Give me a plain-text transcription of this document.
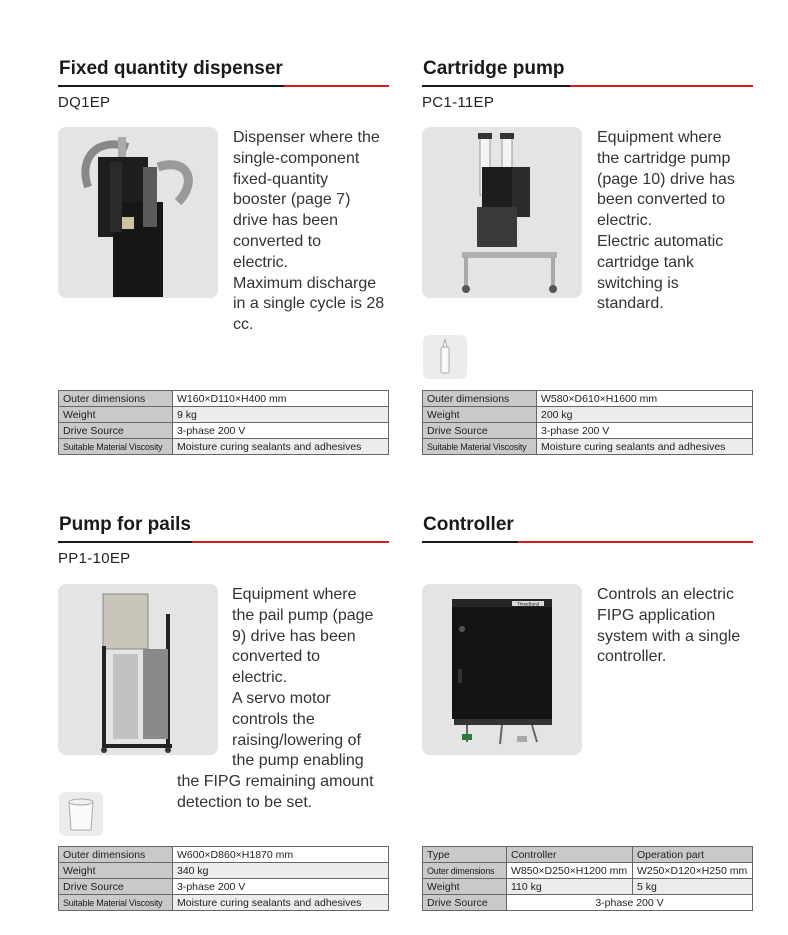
Fixed quantity dispenser
DQ1EP
Dispenser where the
single-component
fixed-quantity
booster (page 7)
drive has been
converted to
electric.
Maximum discharge
in a single cycle is 28
cc.
Outer dimensions	W160×D110×H400 mm
Weight	9 kg
Drive Source	3-phase 200 V
Suitable Material Viscosity	Moisture curing sealants and adhesives
Cartridge pump
PC1-11EP
Equipment where
the cartridge pump
(page 10) drive has
been converted to
electric.
Electric automatic
cartridge tank
switching is
standard.
Outer dimensions	W580×D610×H1600 mm
Weight	200 kg
Drive Source	3-phase 200 V
Suitable Material Viscosity	Moisture curing sealants and adhesives
Pump for pails
PP1-10EP
Equipment where
the pail pump (page
9) drive has been
converted to
electric.
A servo motor
controls the
raising/lowering of
the pump enabling
the FIPG remaining amount
detection to be set.
Outer dimensions	W600×D860×H1870 mm
Weight	340 kg
Drive Source	3-phase 200 V
Suitable Material Viscosity	Moisture curing sealants and adhesives
Controller
ThreeBond
Controls an electric
FIPG application
system with a single
controller.
Type	Controller	Operation part
Outer dimensions	W850×D250×H1200 mm	W250×D120×H250 mm
Weight	110 kg	5 kg
Drive Source	3-phase 200 V	
